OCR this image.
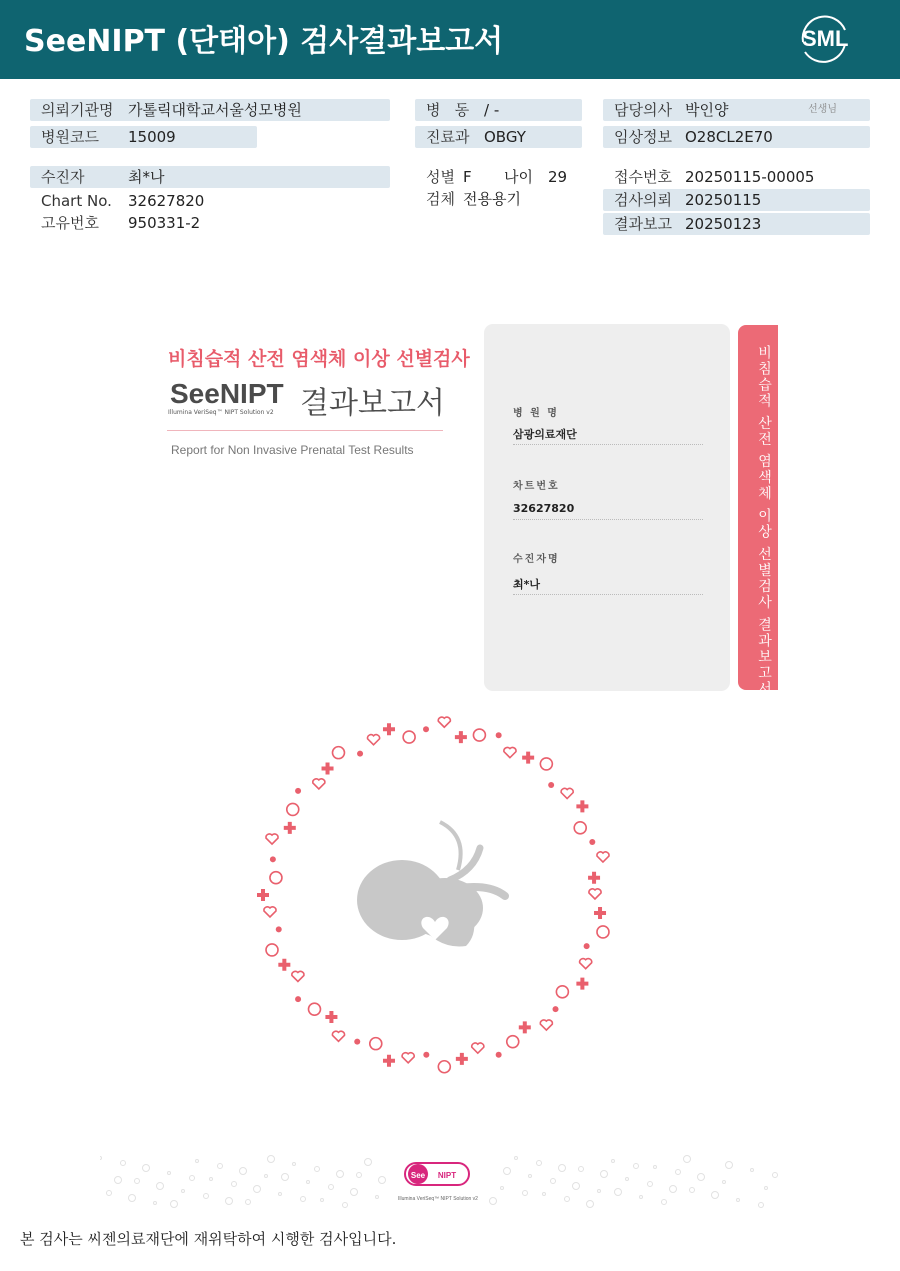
SeeNIPT (단태아) 검사결과보고서	SML
의뢰기관명 가톨릭대학교서울성모병원
병원코드 15009
수진자	최*나
Chart No. 32627820
고유번호 950331-2
병   동 / -
진료과 OBGY
성별 F 나이 29
검체 전용용기
담당의사 박인양	선생님
임상정보 O28CL2E70
접수번호 20250115-00005
검사의뢰 20250115
결과보고 20250123
비침습적 산전 염색체 이상 선별검사
SeeNIPT
Illumina VeriSeq™ NIPT Solution v2 결과보고서
Report for Non Invasive Prenatal Test Results
병 원 명
삼광의료재단
차트번호
32627820
수진자명
최*나	비침습적 산전 염색체 이상 선별검사 결과보고서
See NIPT
Illumina VeriSeq™ NIPT Solution v2
본 검사는 씨젠의료재단에 재위탁하여 시행한 검사입니다.
